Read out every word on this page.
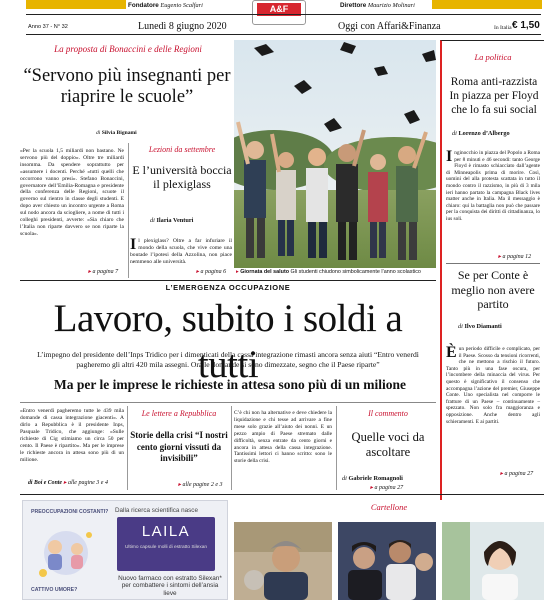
Fondatore Eugenio Scalfari	A&F	Direttore Maurizio Molinari
Anno 37 - N° 32	Lunedì 8 giugno 2020	Oggi con Affari&Finanza	In Italia € 1,50
La proposta di Bonaccini e delle Regioni
“Servono più insegnanti per riaprire le scuole”
di Silvia Bignami
«Per la scuola 1,5 miliardi non bastano. Ne servono più del doppio». Oltre tre miliardi insomma. Da spendere soprattutto per «assumere i docenti. Perché «tutti quelli che occorrono vanno presi». Stefano Bonaccini, governatore dell’Emilia-Romagna e presidente della conferenza delle Regioni, scuote il governo sul rientro in classe degli studenti. E dopo aver chiesto un incontro urgente a Roma sul nodo ancora da sciogliere, a nome di tutti i colleghi presidenti, avverte: «Sia chiaro che l’Italia non riparte davvero se non riparte la scuola».
▸ a pagina 7
Lezioni da settembre
E l’università boccia il plexiglass
di Ilaria Venturi
Il plexiglass? Oltre a far infuriare il mondo della scuola, che vive come una boutade l’ipotesi della Azzolina, non piace nemmeno alle università.
▸ a pagina 6 ▸ Giornata del saluto Gli studenti chiudono simbolicamente l’anno scolastico
La politica
Roma anti-razzista In piazza per Floyd che lo fa sui social
di Lorenzo d’Albergo
Inginocchio in piazza del Popolo a Roma per 8 minuti e 46 secondi: tanto George Floyd è rimasto schiacciato dall’agente di Minneapolis prima di morire. Così, uomini del alla protesta scattata in tutto il mondo contro il razzismo, in più di 3 mila ieri hanno partato la campagna Black lives matter anche in Italia. Ma il messaggio è chiaro: qui la battaglia non può che passare per la conquista dei diritti di cittadinanza, lo ius soli.
▸ a pagina 12
Se per Conte è meglio non avere partito
di Ilvo Diamanti
Èun periodo difficile e complicato, per il Paese. Scosso da tensioni ricorrenti, che ne mettono a rischio il futuro. Tanto più in una fase oscura, per l’incombere della minaccia del virus. Per questo è significativo il consenso che accompagna l’azione del premier, Giuseppe Conte. Uno specialista nel comporre le fratture di un Paese – continuamente – spezzato. Non solo fra maggioranza e opposizione. Anche dentro agli schieramenti. E ai partiti.
▸ a pagina 27
L’EMERGENZA OCCUPAZIONE
Lavoro, subito i soldi a tutti
L’impegno del presidente dell’Inps Tridico per i dimenticati della cassa integrazione rimasti ancora senza aiuti “Entro venerdì pagheremo gli altri 420 mila assegni. Ora le domande si sono dimezzate, segno che il Paese riparte”
Ma per le imprese le richieste in attesa sono più di un milione
«Entro venerdì pagheremo tutte le 439 mila domande di cassa integrazione giacenti». A dirlo a Repubblica è il presidente Inps, Pasquale Tridico, che aggiunge: «Sulle richieste di Cig stimiamo un circa 50 per cento. Il Paese è ripartito». Ma per le imprese le richieste ancora in attesa sono più di un milione.
di Boi e Conte ▸ alle pagine 3 e 4
Le lettere a Repubblica
Storie della crisi “I nostri cento giorni vissuti da invisibili”
C’è chi non ha alternative e deve chiedere la liquidazione e chi tesse ad arrivare a fine mese solo grazie all’aiuto dei nonni. E un pezzo ampio di Paese stremato dalle difficoltà, senza entrate da cento giorni e ancora in attesa della cassa integrazione. Tantissimi lettori ci hanno scritto: sono le storie della crisi.
▸ alle pagine 2 e 3
Il commento
Quelle voci da ascoltare
di Gabriele Romagnoli
▸ a pagina 27
PREOCCUPAZIONI COSTANTI?
CATTIVO UMORE?
Dalla ricerca scientifica nasce
LAILA
Ultimo capsule molli di estratto Silexan
Nuovo farmaco con estratto Silexan* per combattere i sintomi dell’ansia lieve
Cartellone
